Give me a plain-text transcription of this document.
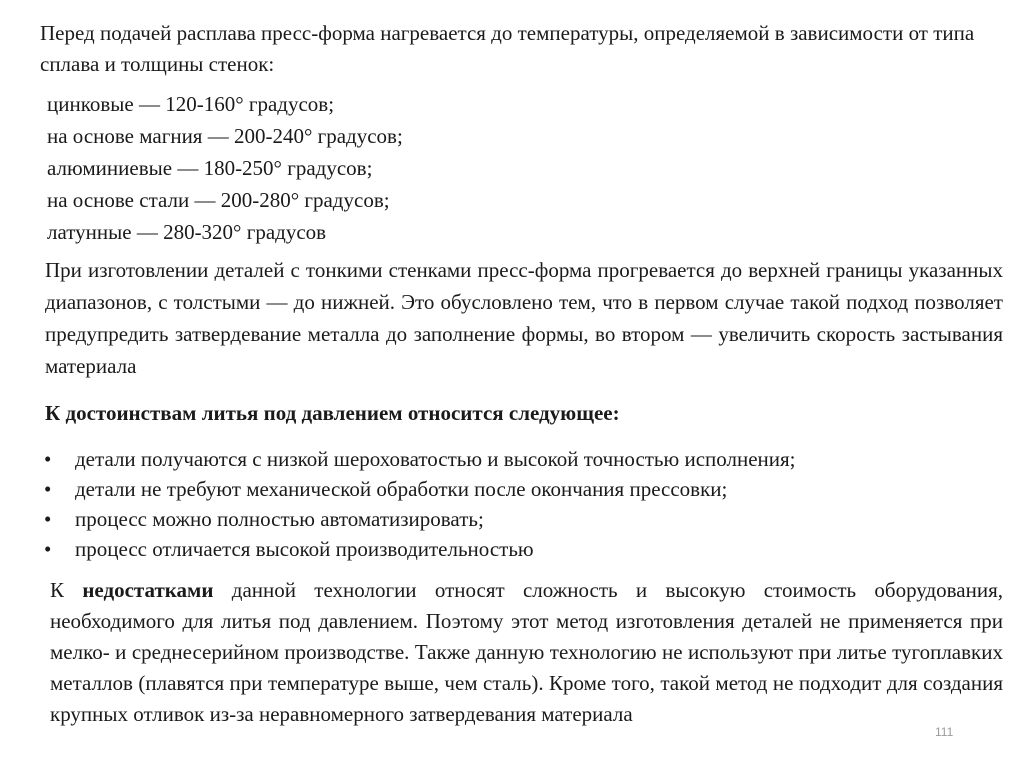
Перед подачей расплава пресс-форма нагревается до температуры, определяемой в зависимости от типа сплава и толщины стенок:

цинковые — 120-160° градусов;
на основе магния — 200-240° градусов;
алюминиевые — 180-250° градусов;
на основе стали — 200-280° градусов;
латунные — 280-320° градусов

При изготовлении деталей с тонкими стенками пресс-форма прогревается до верхней границы указанных диапазонов, с толстыми — до нижней. Это обусловлено тем, что в первом случае такой подход позволяет предупредить затвердевание металла до заполнение формы, во втором — увеличить скорость застывания материала

К достоинствам литья под давлением относится следующее:

• детали получаются с низкой шероховатостью и высокой точностью исполнения;
• детали не требуют механической обработки после окончания прессовки;
• процесс можно полностью автоматизировать;
• процесс отличается высокой производительностью

К недостатками данной технологии относят сложность и высокую стоимость оборудования, необходимого для литья под давлением. Поэтому этот метод изготовления деталей не применяется при мелко- и среднесерийном производстве. Также данную технологию не используют при литье тугоплавких металлов (плавятся при температуре выше, чем сталь). Кроме того, такой метод не подходит для создания крупных отливок из-за неравномерного затвердевания материала

111
